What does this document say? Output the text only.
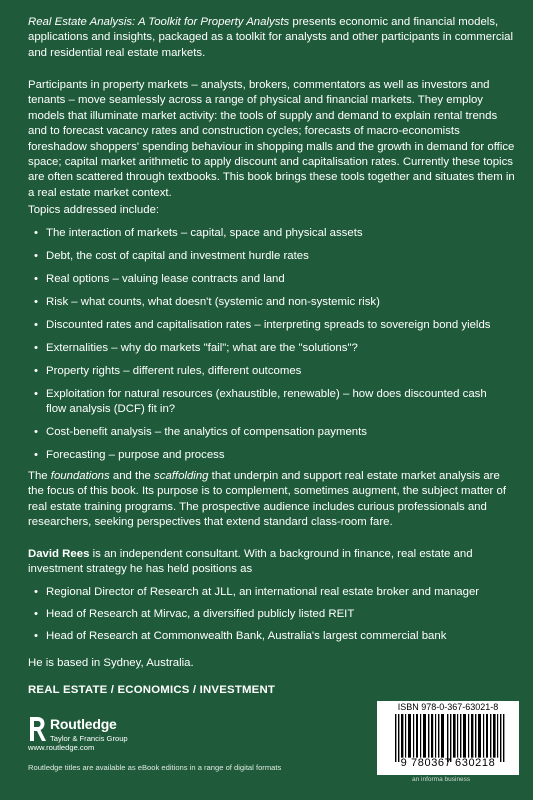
Real Estate Analysis: A Toolkit for Property Analysts presents economic and financial models, applications and insights, packaged as a toolkit for analysts and other participants in commercial and residential real estate markets.

Participants in property markets – analysts, brokers, commentators as well as investors and tenants – move seamlessly across a range of physical and financial markets. They employ models that illuminate market activity: the tools of supply and demand to explain rental trends and to forecast vacancy rates and construction cycles; forecasts of macro-economists foreshadow shoppers' spending behaviour in shopping malls and the growth in demand for office space; capital market arithmetic to apply discount and capitalisation rates. Currently these topics are often scattered through textbooks. This book brings these tools together and situates them in a real estate market context.

Topics addressed include:

• The interaction of markets – capital, space and physical assets
• Debt, the cost of capital and investment hurdle rates
• Real options – valuing lease contracts and land
• Risk – what counts, what doesn't (systemic and non-systemic risk)
• Discounted rates and capitalisation rates – interpreting spreads to sovereign bond yields
• Externalities – why do markets "fail"; what are the "solutions"?
• Property rights – different rules, different outcomes
• Exploitation for natural resources (exhaustible, renewable) – how does discounted cash flow analysis (DCF) fit in?
• Cost-benefit analysis – the analytics of compensation payments
• Forecasting – purpose and process

The foundations and the scaffolding that underpin and support real estate market analysis are the focus of this book. Its purpose is to complement, sometimes augment, the subject matter of real estate training programs. The prospective audience includes curious professionals and researchers, seeking perspectives that extend standard class-room fare.

David Rees is an independent consultant. With a background in finance, real estate and investment strategy he has held positions as

• Regional Director of Research at JLL, an international real estate broker and manager
• Head of Research at Mirvac, a diversified publicly listed REIT
• Head of Research at Commonwealth Bank, Australia's largest commercial bank

He is based in Sydney, Australia.

REAL ESTATE / ECONOMICS / INVESTMENT
Routledge
Taylor & Francis Group
www.routledge.com
Routledge titles are available as eBook editions in a range of digital formats
ISBN 978-0-367-63021-8
9 780367 630218
an informa business
